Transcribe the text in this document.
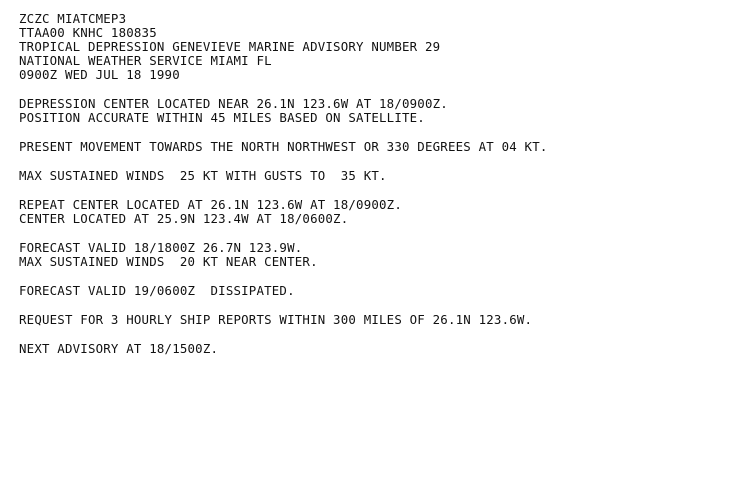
ZCZC MIATCMEP3
TTAA00 KNHC 180835
TROPICAL DEPRESSION GENEVIEVE MARINE ADVISORY NUMBER 29
NATIONAL WEATHER SERVICE MIAMI FL
0900Z WED JUL 18 1990
DEPRESSION CENTER LOCATED NEAR 26.1N 123.6W AT 18/0900Z.
POSITION ACCURATE WITHIN 45 MILES BASED ON SATELLITE.
PRESENT MOVEMENT TOWARDS THE NORTH NORTHWEST OR 330 DEGREES AT 04 KT.
MAX SUSTAINED WINDS  25 KT WITH GUSTS TO  35 KT.
REPEAT CENTER LOCATED AT 26.1N 123.6W AT 18/0900Z.
CENTER LOCATED AT 25.9N 123.4W AT 18/0600Z.
FORECAST VALID 18/1800Z 26.7N 123.9W.
MAX SUSTAINED WINDS  20 KT NEAR CENTER.
FORECAST VALID 19/0600Z  DISSIPATED.
REQUEST FOR 3 HOURLY SHIP REPORTS WITHIN 300 MILES OF 26.1N 123.6W.
NEXT ADVISORY AT 18/1500Z.
